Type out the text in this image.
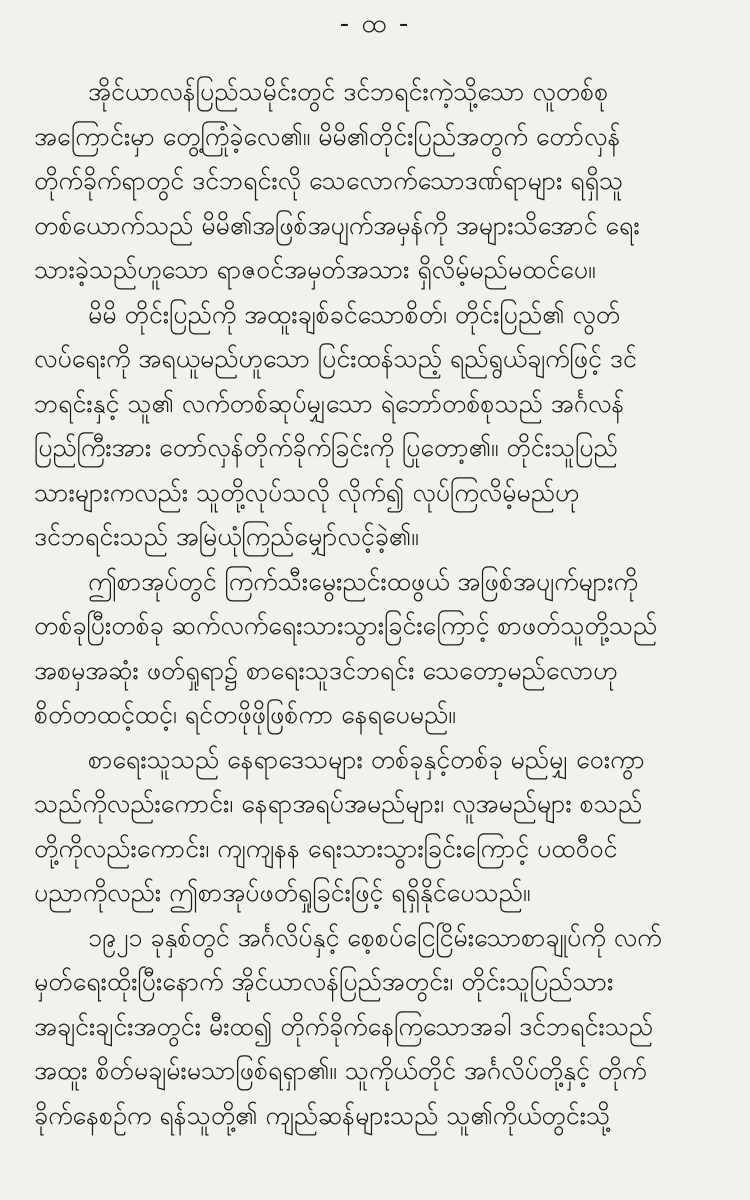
- ထ -
အိုင်ယာလန်ပြည်သမိုင်းတွင် ဒင်ဘရင်းကဲ့သို့သော လူတစ်စု
အကြောင်းမှာ တွေ့ကြုံခဲ့လေ၏။ မိမိ၏တိုင်းပြည်အတွက် တော်လှန်
တိုက်ခိုက်ရာတွင် ဒင်ဘရင်းလို သေလောက်သောဒဏ်ရာများ ရရှိသူ
တစ်ယောက်သည် မိမိ၏အဖြစ်အပျက်အမှန်ကို အများသိအောင် ရေး
သားခဲ့သည်ဟူသော ရာဇဝင်အမှတ်အသား ရှိလိမ့်မည်မထင်ပေ။
မိမိ တိုင်းပြည်ကို အထူးချစ်ခင်သောစိတ်၊ တိုင်းပြည်၏ လွတ်
လပ်ရေးကို အရယူမည်ဟူသော ပြင်းထန်သည့် ရည်ရွယ်ချက်ဖြင့် ဒင်
ဘရင်းနှင့် သူ၏ လက်တစ်ဆုပ်မျှသော ရဲဘော်တစ်စုသည် အင်္ဂလန်
ပြည်ကြီးအား တော်လှန်တိုက်ခိုက်ခြင်းကို ပြုတော့၏။ တိုင်းသူပြည်
သားများကလည်း သူတို့လုပ်သလို လိုက်၍ လုပ်ကြလိမ့်မည်ဟု
ဒင်ဘရင်းသည် အမြဲယုံကြည်မျှော်လင့်ခဲ့၏။
ဤစာအုပ်တွင် ကြက်သီးမွေးညင်းထဖွယ် အဖြစ်အပျက်များကို
တစ်ခုပြီးတစ်ခု ဆက်လက်ရေးသားသွားခြင်းကြောင့် စာဖတ်သူတို့သည်
အစမှအဆုံး ဖတ်ရှုရာ၌ စာရေးသူဒင်ဘရင်း သေတော့မည်လောဟု
စိတ်တထင့်ထင့်၊ ရင်တဖိုဖိုဖြစ်ကာ နေရပေမည်။
စာရေးသူသည် နေရာဒေသများ တစ်ခုနှင့်တစ်ခု မည်မျှ ဝေးကွာ
သည်ကိုလည်းကောင်း၊ နေရာအရပ်အမည်များ၊ လူအမည်များ စသည်
တို့ကိုလည်းကောင်း၊ ကျကျနန ရေးသားသွားခြင်းကြောင့် ပထဝီဝင်
ပညာကိုလည်း ဤစာအုပ်ဖတ်ရှုခြင်းဖြင့် ရရှိနိုင်ပေသည်။
၁၉၂၁ ခုနှစ်တွင် အင်္ဂလိပ်နှင့် စေ့စပ်ငြေငြိမ်းသောစာချုပ်ကို လက်
မှတ်ရေးထိုးပြီးနောက် အိုင်ယာလန်ပြည်အတွင်း၊ တိုင်းသူပြည်သား
အချင်းချင်းအတွင်း မီးထ၍ တိုက်ခိုက်နေကြသောအခါ ဒင်ဘရင်းသည်
အထူး စိတ်မချမ်းမသာဖြစ်ရရှာ၏။ သူကိုယ်တိုင် အင်္ဂလိပ်တို့နှင့် တိုက်
ခိုက်နေစဉ်က ရန်သူတို့၏ ကျည်ဆန်များသည် သူ၏ကိုယ်တွင်းသို့
